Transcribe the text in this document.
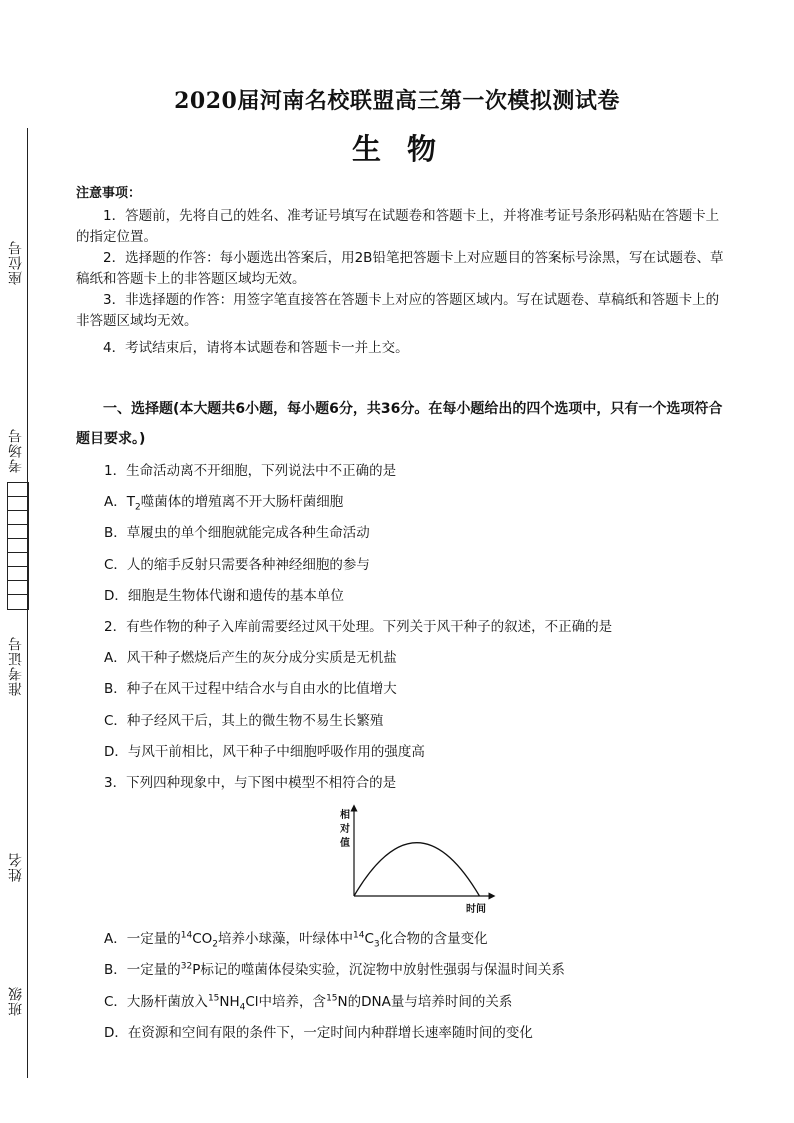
座位号
考场号
准考证号
姓名
班级
2020届河南名校联盟高三第一次模拟测试卷
生物
注意事项：
1．答题前，先将自己的姓名、准考证号填写在试题卷和答题卡上，并将准考证号条形码粘贴在答题卡上的指定位置。
2．选择题的作答：每小题选出答案后，用2B铅笔把答题卡上对应题目的答案标号涂黑，写在试题卷、草稿纸和答题卡上的非答题区域均无效。
3．非选择题的作答：用签字笔直接答在答题卡上对应的答题区域内。写在试题卷、草稿纸和答题卡上的非答题区域均无效。
4．考试结束后，请将本试题卷和答题卡一并上交。
一、选择题(本大题共6小题，每小题6分，共36分。在每小题给出的四个选项中，只有一个选项符合题目要求。)
1．生命活动离不开细胞，下列说法中不正确的是
A．$T_2$噬菌体的增殖离不开大肠杆菌细胞
B．草履虫的单个细胞就能完成各种生命活动
C．人的缩手反射只需要各种神经细胞的参与
D．细胞是生物体代谢和遗传的基本单位
2．有些作物的种子入库前需要经过风干处理。下列关于风干种子的叙述，不正确的是
A．风干种子燃烧后产生的灰分成分实质是无机盐
B．种子在风干过程中结合水与自由水的比值增大
C．种子经风干后，其上的微生物不易生长繁殖
D．与风干前相比，风干种子中细胞呼吸作用的强度高
3．下列四种现象中，与下图中模型不相符合的是
相
对
值
时间
A．一定量的$^{14}CO_2$培养小球藻，叶绿体中$^{14}C_3$化合物的含量变化
B．一定量的$^{32}$P标记的噬菌体侵染实验，沉淀物中放射性强弱与保温时间关系
C．大肠杆菌放入$^{15}NH_4Cl$中培养，含$^{15}$N的DNA量与培养时间的关系
D．在资源和空间有限的条件下，一定时间内种群增长速率随时间的变化
